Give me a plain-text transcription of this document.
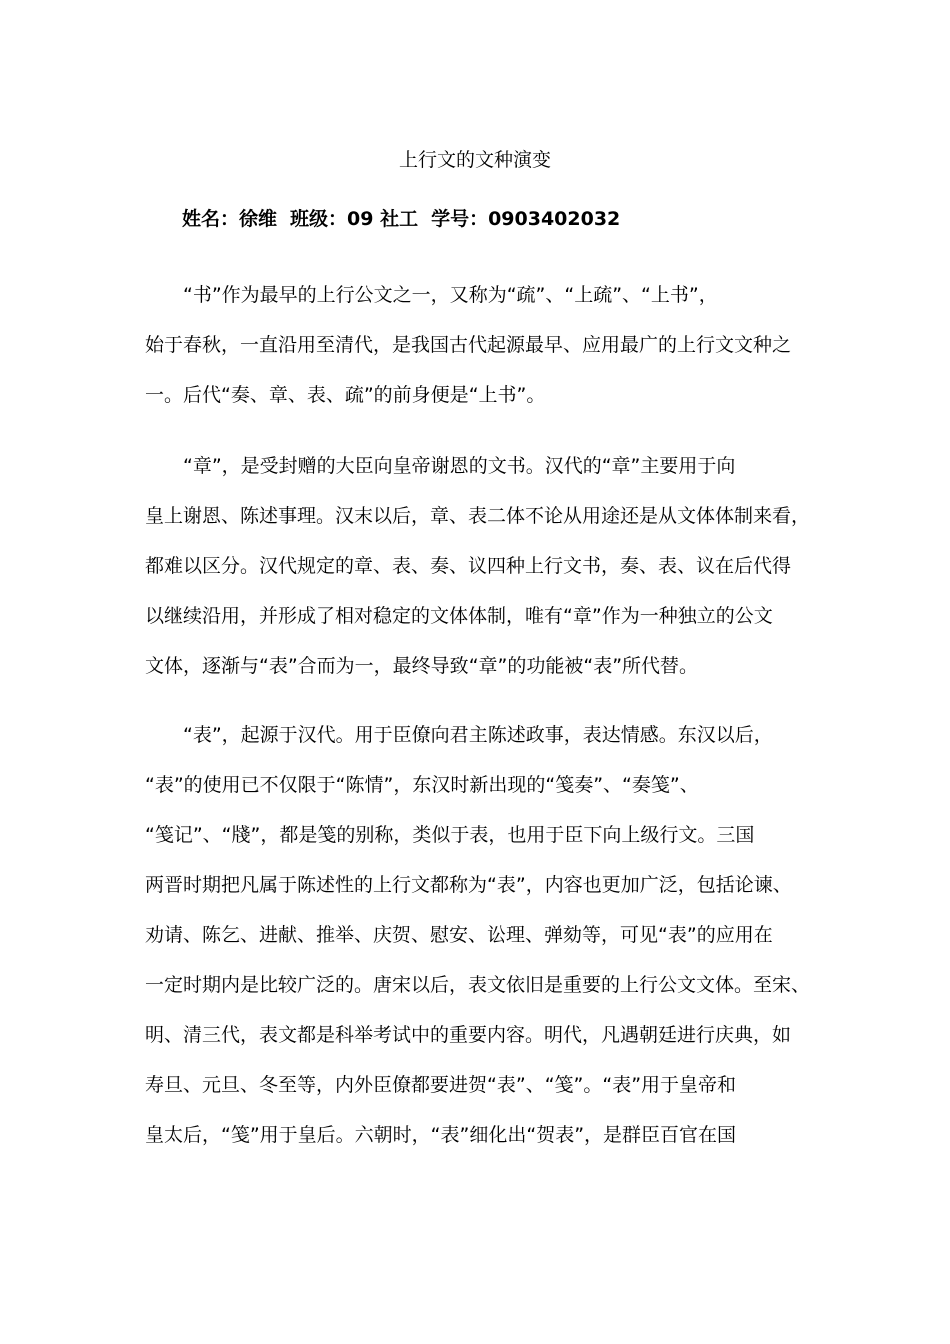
上行文的文种演变
姓名：徐维 班级：09 社工 学号：0903402032
　　“书”作为最早的上行公文之一，又称为“疏”、“上疏”、“上书”，
始于春秋，一直沿用至清代，是我国古代起源最早、应用最广的上行文文种之
一。后代“奏、章、表、疏”的前身便是“上书”。
　　“章”，是受封赠的大臣向皇帝谢恩的文书。汉代的“章”主要用于向
皇上谢恩、陈述事理。汉末以后，章、表二体不论从用途还是从文体体制来看，
都难以区分。汉代规定的章、表、奏、议四种上行文书，奏、表、议在后代得
以继续沿用，并形成了相对稳定的文体体制，唯有“章”作为一种独立的公文
文体，逐渐与“表”合而为一，最终导致“章”的功能被“表”所代替。
　　“表”，起源于汉代。用于臣僚向君主陈述政事，表达情感。东汉以后，
“表”的使用已不仅限于“陈情”，东汉时新出现的“笺奏”、“奏笺”、
“笺记”、“牋”，都是笺的别称，类似于表，也用于臣下向上级行文。三国
两晋时期把凡属于陈述性的上行文都称为“表”，内容也更加广泛，包括论谏、
劝请、陈乞、进献、推举、庆贺、慰安、讼理、弹劾等，可见“表”的应用在
一定时期内是比较广泛的。唐宋以后，表文依旧是重要的上行公文文体。至宋、
明、清三代，表文都是科举考试中的重要内容。明代，凡遇朝廷进行庆典，如
寿旦、元旦、冬至等，内外臣僚都要进贺“表”、“笺”。“表”用于皇帝和
皇太后，“笺”用于皇后。六朝时，“表”细化出“贺表”，是群臣百官在国
